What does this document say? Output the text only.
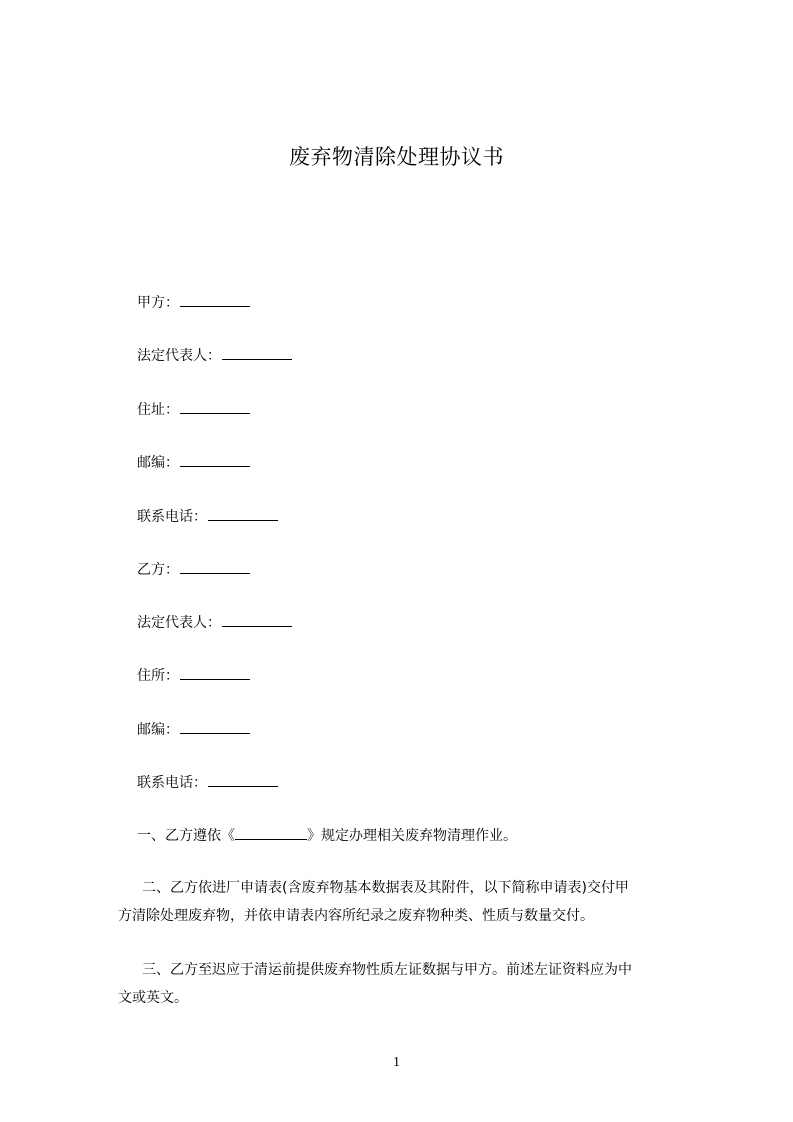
废弃物清除处理协议书
甲方：
法定代表人：
住址：
邮编：
联系电话：
乙方：
法定代表人：
住所：
邮编：
联系电话：
一、乙方遵依《	》规定办理相关废弃物清理作业。
二、乙方依进厂申请表(含废弃物基本数据表及其附件，以下简称申请表)交付甲
方清除处理废弃物，并依申请表内容所纪录之废弃物种类、性质与数量交付。
三、乙方至迟应于清运前提供废弃物性质左证数据与甲方。前述左证资料应为中
文或英文。
1
